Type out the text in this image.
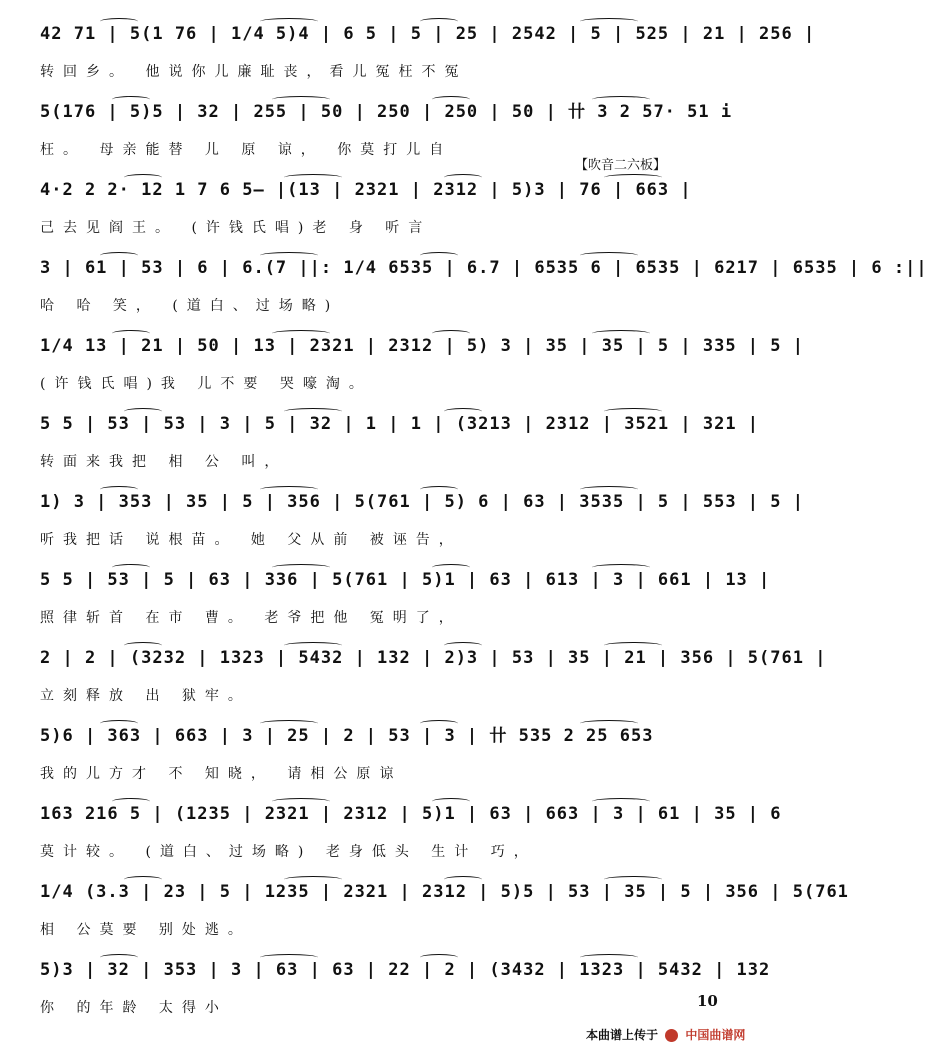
42 71 | 5(1 76 | 1/4 5)4 | 6 5 | 5 | 25 | 2542 | 5 | 525 | 21 | 256 |
转回乡。 他说你儿廉耻丧，看儿冤枉不冤
5(176 | 5)5 | 32 | 255 | 50 | 250 | 250 | 50 | 卄 3 2 57· 51 i
枉。 母亲能替 儿 原 谅， 你莫打儿自
4·2 2 2· 12 1 7 6 5– |(13 | 2321 | 2312 | 5)3 | 76 | 663 |
己去见阎王。 (许钱氏唱)老 身 听言
【吹音二六板】
3 | 61 | 53 | 6 | 6.(7 ||: 1/4 6535 | 6.7 | 6535 6 | 6535 | 6217 | 6535 | 6 :||
哈 哈 笑， (道白、过场略)
1/4 13 | 21 | 50 | 13 | 2321 | 2312 | 5) 3 | 35 | 35 | 5 | 335 | 5 |
(许钱氏唱)我 儿不要 哭嚎淘。
5 5 | 53 | 53 | 3 | 5 | 32 | 1 | 1 | (3213 | 2312 | 3521 | 321 |
转面来我把 相 公 叫，
1) 3 | 353 | 35 | 5 | 356 | 5(761 | 5) 6 | 63 | 3535 | 5 | 553 | 5 |
听我把话 说根苗。 她 父从前 被诬告，
5 5 | 53 | 5 | 63 | 336 | 5(761 | 5)1 | 63 | 613 | 3 | 661 | 13 |
照律斩首 在市 曹。 老爷把他 冤明了，
2 | 2 | (3232 | 1323 | 5432 | 132 | 2)3 | 53 | 35 | 21 | 356 | 5(761 |
立刻释放 出 狱牢。
5)6 | 363 | 663 | 3 | 25 | 2 | 53 | 3 | 卄 535 2 25 653
我的儿方才 不 知晓， 请相公原谅
163 216 5 | (1235 | 2321 | 2312 | 5)1 | 63 | 663 | 3 | 61 | 35 | 6
莫计较。 (道白、过场略) 老身低头 生计 巧，
1/4 (3.3 | 23 | 5 | 1235 | 2321 | 2312 | 5)5 | 53 | 35 | 5 | 356 | 5(761
相 公莫要 别处逃。
5)3 | 32 | 353 | 3 | 63 | 63 | 22 | 2 | (3432 | 1323 | 5432 | 132
你 的年龄 太得小	10
本曲谱上传于 中国曲谱网
